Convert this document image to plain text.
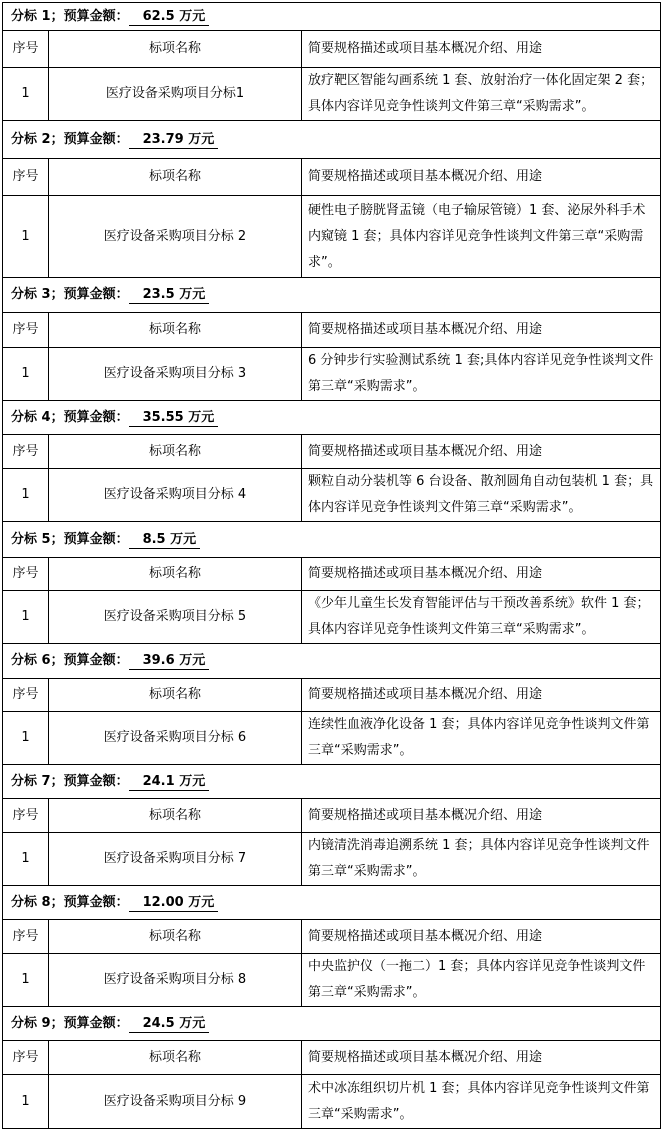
分标 1；预算金额： 62.5 万元		
序号	标项名称	简要规格描述或项目基本概况介绍、用途
1	医疗设备采购项目分标1	放疗靶区智能勾画系统 1 套、放射治疗一体化固定架 2 套；具体内容详见竞争性谈判文件第三章“采购需求”。
分标 2；预算金额： 23.79 万元		
序号	标项名称	简要规格描述或项目基本概况介绍、用途
1	医疗设备采购项目分标 2	硬性电子膀胱肾盂镜（电子输尿管镜）1 套、泌尿外科手术内窥镜 1 套；具体内容详见竞争性谈判文件第三章“采购需求”。
分标 3；预算金额： 23.5 万元		
序号	标项名称	简要规格描述或项目基本概况介绍、用途
1	医疗设备采购项目分标 3	6 分钟步行实验测试系统 1 套;具体内容详见竞争性谈判文件第三章“采购需求”。
分标 4；预算金额： 35.55 万元		
序号	标项名称	简要规格描述或项目基本概况介绍、用途
1	医疗设备采购项目分标 4	颗粒自动分装机等 6 台设备、散剂圆角自动包装机 1 套；具体内容详见竞争性谈判文件第三章“采购需求”。
分标 5；预算金额： 8.5 万元		
序号	标项名称	简要规格描述或项目基本概况介绍、用途
1	医疗设备采购项目分标 5	《少年儿童生长发育智能评估与干预改善系统》软件 1 套；具体内容详见竞争性谈判文件第三章“采购需求”。
分标 6；预算金额： 39.6 万元		
序号	标项名称	简要规格描述或项目基本概况介绍、用途
1	医疗设备采购项目分标 6	连续性血液净化设备 1 套；具体内容详见竞争性谈判文件第三章“采购需求”。
分标 7；预算金额： 24.1 万元		
序号	标项名称	简要规格描述或项目基本概况介绍、用途
1	医疗设备采购项目分标 7	内镜清洗消毒追溯系统 1 套；具体内容详见竞争性谈判文件第三章“采购需求”。
分标 8；预算金额： 12.00 万元		
序号	标项名称	简要规格描述或项目基本概况介绍、用途
1	医疗设备采购项目分标 8	中央监护仪（一拖二）1 套；具体内容详见竞争性谈判文件第三章“采购需求”。
分标 9；预算金额： 24.5 万元		
序号	标项名称	简要规格描述或项目基本概况介绍、用途
1	医疗设备采购项目分标 9	术中冰冻组织切片机 1 套；具体内容详见竞争性谈判文件第三章“采购需求”。
